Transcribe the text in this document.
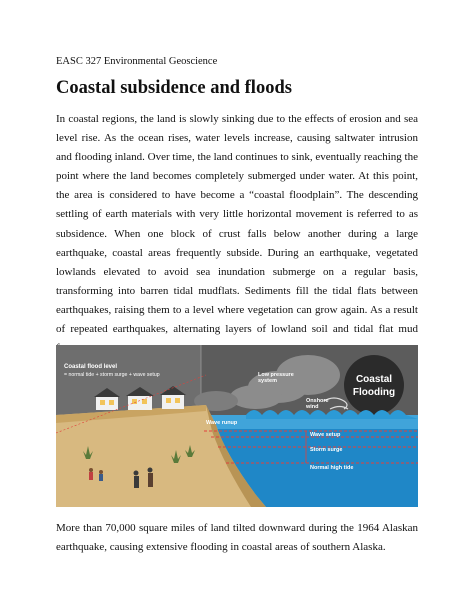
EASC 327 Environmental Geoscience
Coastal subsidence and floods

In coastal regions, the land is slowly sinking due to the effects of erosion and sea level rise. As the ocean rises, water levels increase, causing saltwater intrusion and flooding inland. Over time, the land continues to sink, eventually reaching the point where the land becomes completely submerged under water. At this point, the area is considered to have become a “coastal floodplain”. The descending settling of earth materials with very little horizontal movement is referred to as subsidence. When one block of crust falls below another during a large earthquake, coastal areas frequently subside. During an earthquake, vegetated lowlands elevated to avoid sea inundation submerge on a regular basis, transforming into barren tidal mudflats. Sediments fill the tidal flats between earthquakes, raising them to a level where vegetation can grow again. As a result of repeated earthquakes, alternating layers of lowland soil and tidal flat mud

Coastal
Flooding
Low pressure
system
Onshore
wind
Coastal flood level
= normal tide + storm surge + wave setup
Wave runup
Wave setup
Storm surge
Normal high tide

More than 70,000 square miles of land tilted downward during the 1964 Alaskan earthquake, causing extensive flooding in coastal areas of southern Alaska.
